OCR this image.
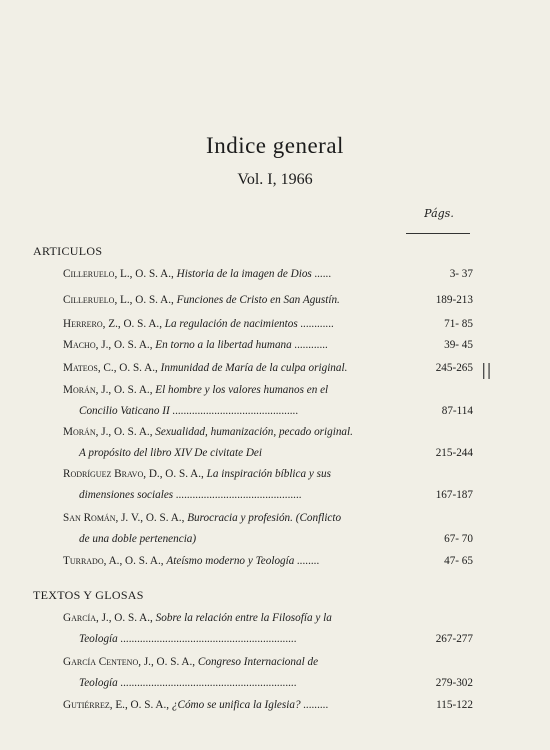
Indice general
Vol. I, 1966
Págs.
||
ARTICULOS
Cilleruelo, L., O. S. A., Historia de la imagen de Dios ......	3- 37
Cilleruelo, L., O. S. A., Funciones de Cristo en San Agustín.	189-213
Herrero, Z., O. S. A., La regulación de nacimientos ............	71- 85
Macho, J., O. S. A., En torno a la libertad humana ............	39- 45
Mateos, C., O. S. A., Inmunidad de María de la culpa original.	245-265
Morán, J., O. S. A., El hombre y los valores humanos en el
Concilio Vaticano II .............................................	87-114
Morán, J., O. S. A., Sexualidad, humanización, pecado original.
A propósito del libro XIV De civitate Dei	215-244
Rodríguez Bravo, D., O. S. A., La inspiración bíblica y sus
dimensiones sociales .............................................	167-187
San Román, J. V., O. S. A., Burocracia y profesión. (Conflicto
de una doble pertenencia)	67- 70
Turrado, A., O. S. A., Ateísmo moderno y Teología ........	47- 65
TEXTOS Y GLOSAS
García, J., O. S. A., Sobre la relación entre la Filosofía y la
Teología ...............................................................	267-277
García Centeno, J., O. S. A., Congreso Internacional de
Teología ...............................................................	279-302
Gutiérrez, E., O. S. A., ¿Cómo se unifica la Iglesia? .........	115-122
